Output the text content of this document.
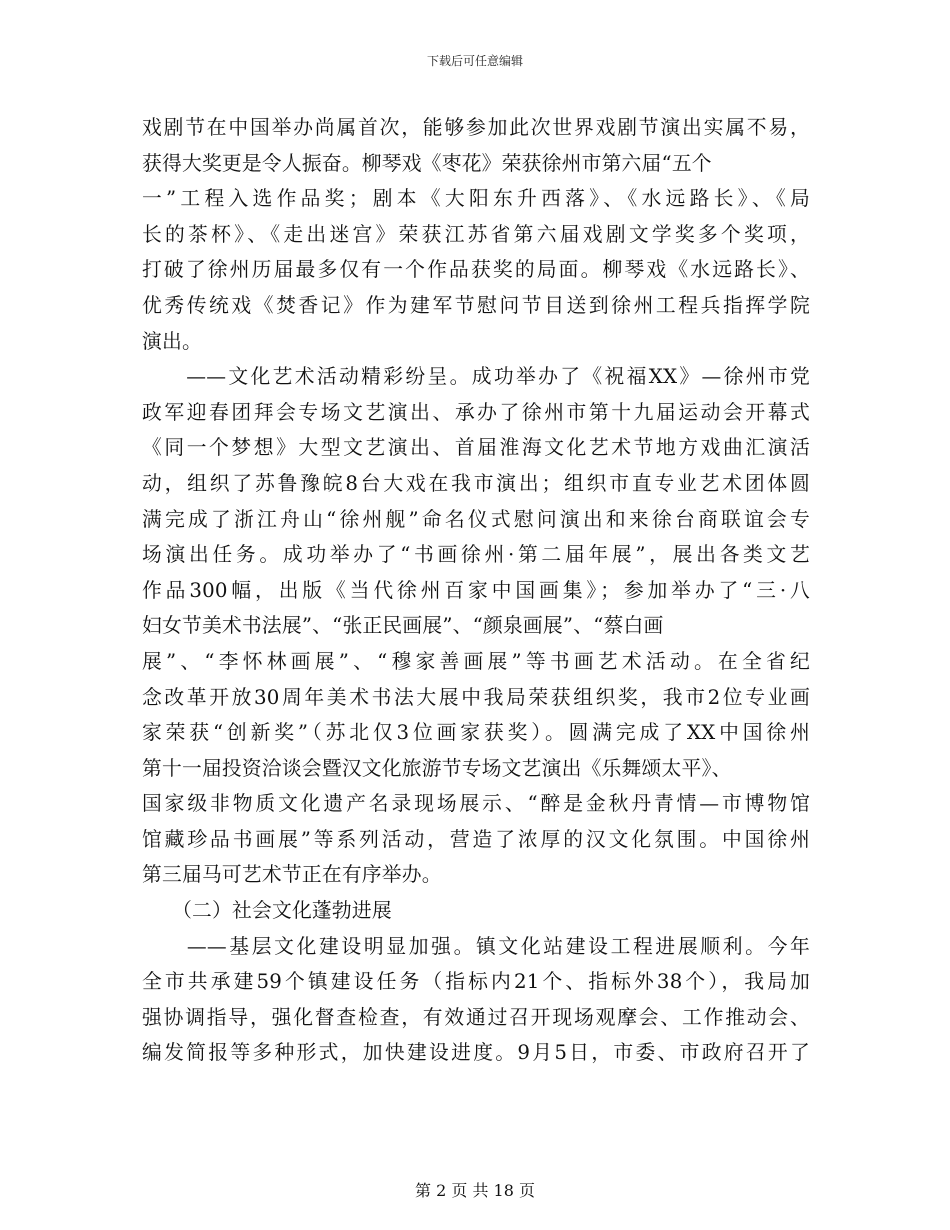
下载后可任意编辑
戏剧节在中国举办尚属首次，能够参加此次世界戏剧节演出实属不易，
获得大奖更是令人振奋。柳琴戏《枣花》荣获徐州市第六届“五个
一”工程入选作品奖；剧本《大阳东升西落》、《水远路长》、《局
长的茶杯》、《走出迷宫》荣获江苏省第六届戏剧文学奖多个奖项，
打破了徐州历届最多仅有一个作品获奖的局面。柳琴戏《水远路长》、
优秀传统戏《焚香记》作为建军节慰问节目送到徐州工程兵指挥学院
演出。
　　——文化艺术活动精彩纷呈。成功举办了《祝福XX》—徐州市党
政军迎春团拜会专场文艺演出、承办了徐州市第十九届运动会开幕式
《同一个梦想》大型文艺演出、首届淮海文化艺术节地方戏曲汇演活
动，组织了苏鲁豫皖8台大戏在我市演出；组织市直专业艺术团体圆
满完成了浙江舟山“徐州舰”命名仪式慰问演出和来徐台商联谊会专
场演出任务。成功举办了“书画徐州·第二届年展”，展出各类文艺
作品300幅，出版《当代徐州百家中国画集》；参加举办了“三·八
妇女节美术书法展”、“张正民画展”、“颜泉画展”、“蔡白画
展”、“李怀林画展”、“穆家善画展”等书画艺术活动。在全省纪
念改革开放30周年美术书法大展中我局荣获组织奖，我市2位专业画
家荣获“创新奖”（苏北仅3位画家获奖）。圆满完成了XX中国徐州
第十一届投资洽谈会暨汉文化旅游节专场文艺演出《乐舞颂太平》、
国家级非物质文化遗产名录现场展示、“醉是金秋丹青情—市博物馆
馆藏珍品书画展”等系列活动，营造了浓厚的汉文化氛围。中国徐州
第三届马可艺术节正在有序举办。
　　（二）社会文化蓬勃进展
　　——基层文化建设明显加强。镇文化站建设工程进展顺利。今年
全市共承建59个镇建设任务（指标内21个、指标外38个），我局加
强协调指导，强化督查检查，有效通过召开现场观摩会、工作推动会、
编发简报等多种形式，加快建设进度。9月5日，市委、市政府召开了
第 2 页 共 18 页
